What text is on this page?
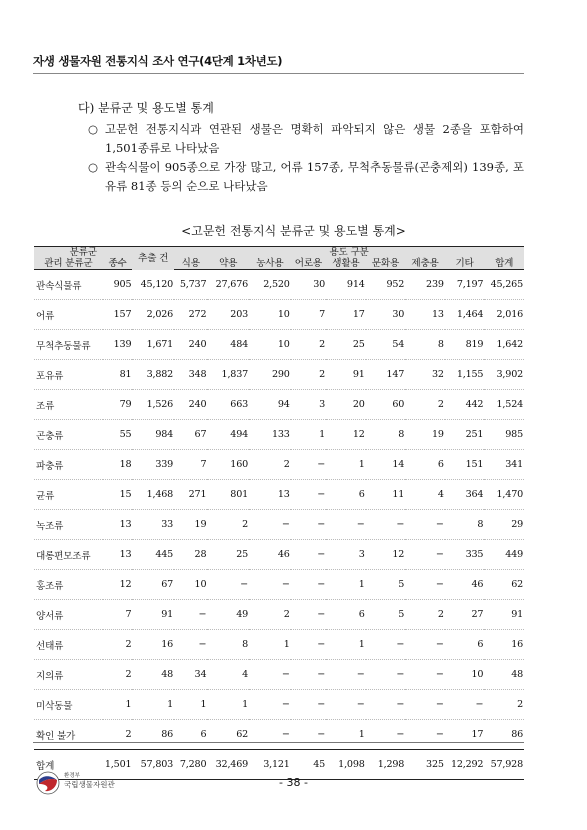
자생 생물자원 전통지식 조사 연구(4단계 1차년도)
다) 분류군 및 용도별 통계
○ 고문헌 전통지식과 연관된 생물은 명확히 파악되지 않은 생물 2종을 포함하여 1,501종류로 나타났음
○ 관속식물이 905종으로 가장 많고, 어류 157종, 무척추동물류(곤충제외) 139종, 포유류 81종 등의 순으로 나타났음
<고문헌 전통지식 분류군 및 용도별 통계>
분류군		추출 건	용도 구분								
관리 분류군	종수		식용	약용	농사용	어로용	생활용	문화용	제충용	기타	합계
관속식물류	905	45,120	5,737	27,676	2,520	30	914	952	239	7,197	45,265
어류	157	2,026	272	203	10	7	17	30	13	1,464	2,016
무척추동물류	139	1,671	240	484	10	2	25	54	8	819	1,642
포유류	81	3,882	348	1,837	290	2	91	147	32	1,155	3,902
조류	79	1,526	240	663	94	3	20	60	2	442	1,524
곤충류	55	984	67	494	133	1	12	8	19	251	985
파충류	18	339	7	160	2	−	1	14	6	151	341
균류	15	1,468	271	801	13	−	6	11	4	364	1,470
녹조류	13	33	19	2	−	−	−	−	−	8	29
대롱편모조류	13	445	28	25	46	−	3	12	−	335	449
홍조류	12	67	10	−	−	−	1	5	−	46	62
양서류	7	91	−	49	2	−	6	5	2	27	91
선태류	2	16	−	8	1	−	1	−	−	6	16
지의류	2	48	34	4	−	−	−	−	−	10	48
미삭동물	1	1	1	1	−	−	−	−	−	−	2
확인 불가	2	86	6	62	−	−	1	−	−	17	86
합계	1,501	57,803	7,280	32,469	3,121	45	1,098	1,298	325	12,292	57,928
환경부
국립생물자원관	- 38 -
